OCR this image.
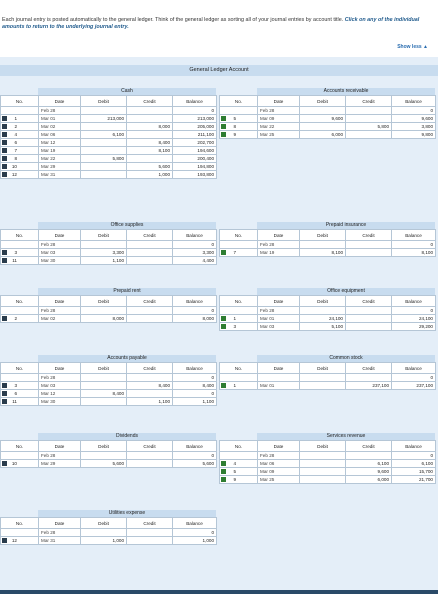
Each journal entry is posted automatically to the general ledger. Think of the general ledger as sorting all of your journal entries by account title. Click on any of the individual amounts to return to the underlying journal entry.
Show less ▲
General Ledger Account
Cash
No.	Date	Debit	Credit	Balance
	Feb 28			0
1	Mar 01	213,000		213,000
2	Mar 02		8,000	205,000
4	Mar 06	6,100		211,100
6	Mar 12		8,400	202,700
7	Mar 19		8,100	194,600
8	Mar 22	5,800		200,400
10	Mar 29		5,600	194,800
12	Mar 31		1,000	193,800
Accounts receivable
No.	Date	Debit	Credit	Balance
	Feb 28			0
5	Mar 09	9,600		9,600
8	Mar 22		5,800	3,800
9	Mar 25	6,000		9,800
Office supplies
No.	Date	Debit	Credit	Balance
	Feb 28			0
3	Mar 03	3,300		3,300
11	Mar 30	1,100		4,400
Prepaid insurance
No.	Date	Debit	Credit	Balance
	Feb 28			0
7	Mar 19	8,100		8,100
Prepaid rent
No.	Date	Debit	Credit	Balance
	Feb 28			0
2	Mar 02	8,000		8,000
Office equipment
No.	Date	Debit	Credit	Balance
	Feb 28			0
1	Mar 01	24,100		24,100
3	Mar 03	5,100		29,200
Accounts payable
No.	Date	Debit	Credit	Balance
	Feb 28			0
3	Mar 03		8,400	8,400
6	Mar 12	8,400		0
11	Mar 30		1,100	1,100
Common stock
No.	Date	Debit	Credit	Balance
				0
1	Mar 01		237,100	237,100
Dividends
No.	Date	Debit	Credit	Balance
	Feb 28			0
10	Mar 29	5,600		5,600
Services revenue
No.	Date	Debit	Credit	Balance
	Feb 28			0
4	Mar 06		6,100	6,100
5	Mar 09		9,600	15,700
9	Mar 25		6,000	21,700
Utilities expense
No.	Date	Debit	Credit	Balance
	Feb 28			0
12	Mar 31	1,000		1,000
